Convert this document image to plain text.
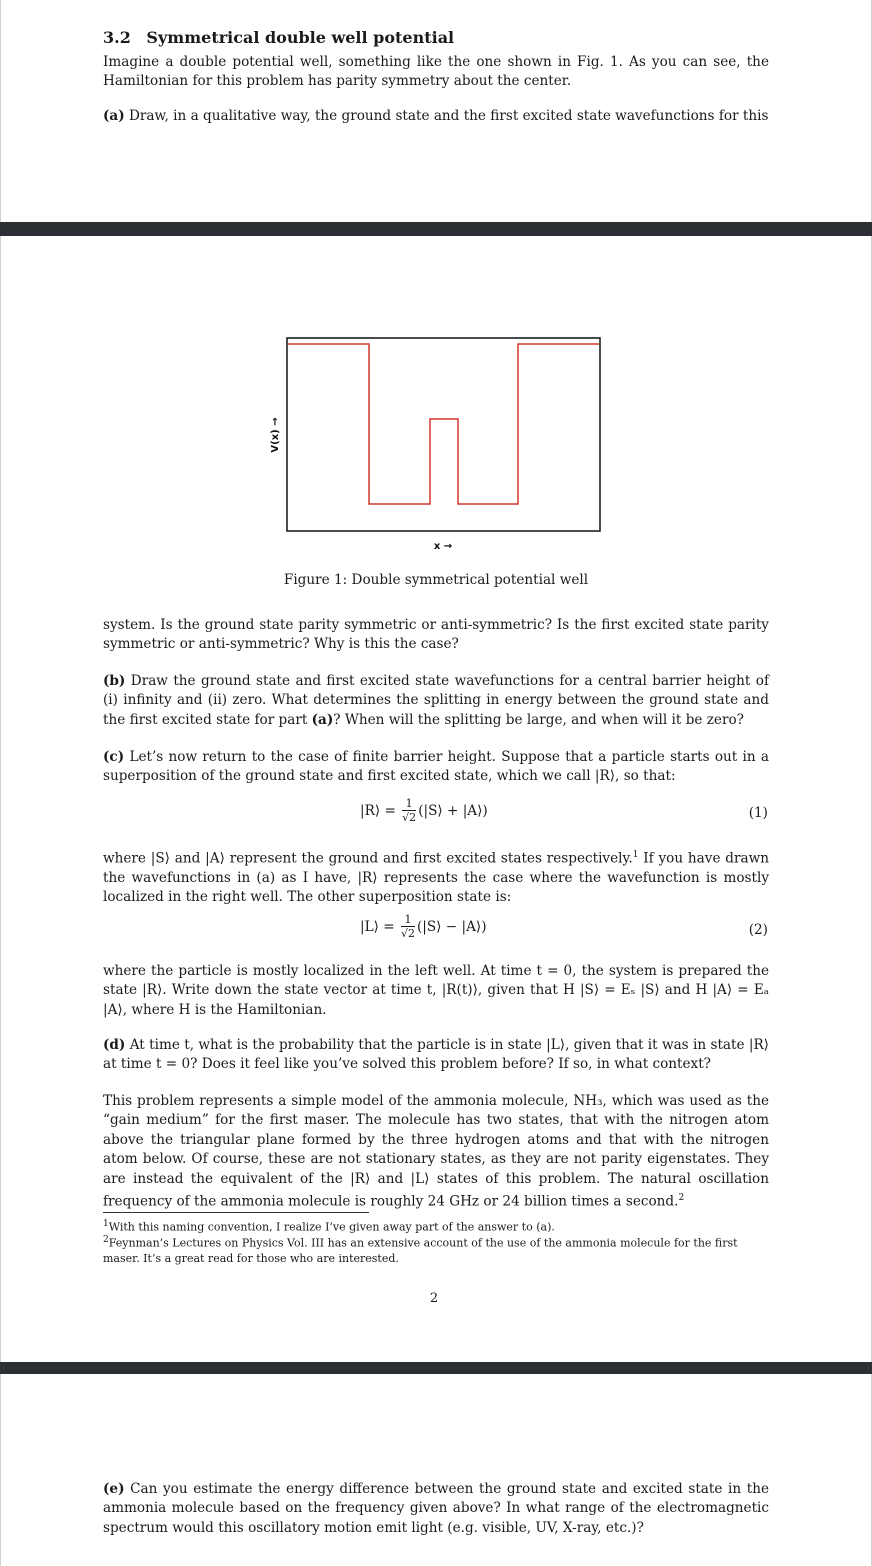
3.2 Symmetrical double well potential
Imagine a double potential well, something like the one shown in Fig. 1. As you can see, the Hamiltonian for this problem has parity symmetry about the center.
(a) Draw, in a qualitative way, the ground state and the first excited state wavefunctions for this
V(x) →
x →
Figure 1: Double symmetrical potential well
system. Is the ground state parity symmetric or anti-symmetric? Is the first excited state parity symmetric or anti-symmetric? Why is this the case?
(b) Draw the ground state and first excited state wavefunctions for a central barrier height of (i) infinity and (ii) zero. What determines the splitting in energy between the ground state and the first excited state for part (a)? When will the splitting be large, and when will it be zero?
(c) Let’s now return to the case of finite barrier height. Suppose that a particle starts out in a superposition of the ground state and first excited state, which we call |R⟩, so that:
|R⟩ = $\frac{1}{√2}$ (|S⟩ + |A⟩)	(1)
where |S⟩ and |A⟩ represent the ground and first excited states respectively.$^1$ If you have drawn the wavefunctions in (a) as I have, |R⟩ represents the case where the wavefunction is mostly localized in the right well. The other superposition state is:
|L⟩ = $\frac{1}{√2}$ (|S⟩ − |A⟩)	(2)
where the particle is mostly localized in the left well. At time t = 0, the system is prepared the state |R⟩. Write down the state vector at time t, |R(t)⟩, given that H |S⟩ = Eₛ |S⟩ and H |A⟩ = Eₐ |A⟩, where H is the Hamiltonian.
(d) At time t, what is the probability that the particle is in state |L⟩, given that it was in state |R⟩ at time t = 0? Does it feel like you’ve solved this problem before? If so, in what context?
This problem represents a simple model of the ammonia molecule, NH₃, which was used as the “gain medium” for the first maser. The molecule has two states, that with the nitrogen atom above the triangular plane formed by the three hydrogen atoms and that with the nitrogen atom below. Of course, these are not stationary states, as they are not parity eigenstates. They are instead the equivalent of the |R⟩ and |L⟩ states of this problem. The natural oscillation frequency of the ammonia molecule is roughly 24 GHz or 24 billion times a second.$^2$
$^1$With this naming convention, I realize I’ve given away part of the answer to (a).
$^2$Feynman’s Lectures on Physics Vol. III has an extensive account of the use of the ammonia molecule for the first maser. It’s a great read for those who are interested.
2
(e) Can you estimate the energy difference between the ground state and excited state in the ammonia molecule based on the frequency given above? In what range of the electromagnetic spectrum would this oscillatory motion emit light (e.g. visible, UV, X-ray, etc.)?
